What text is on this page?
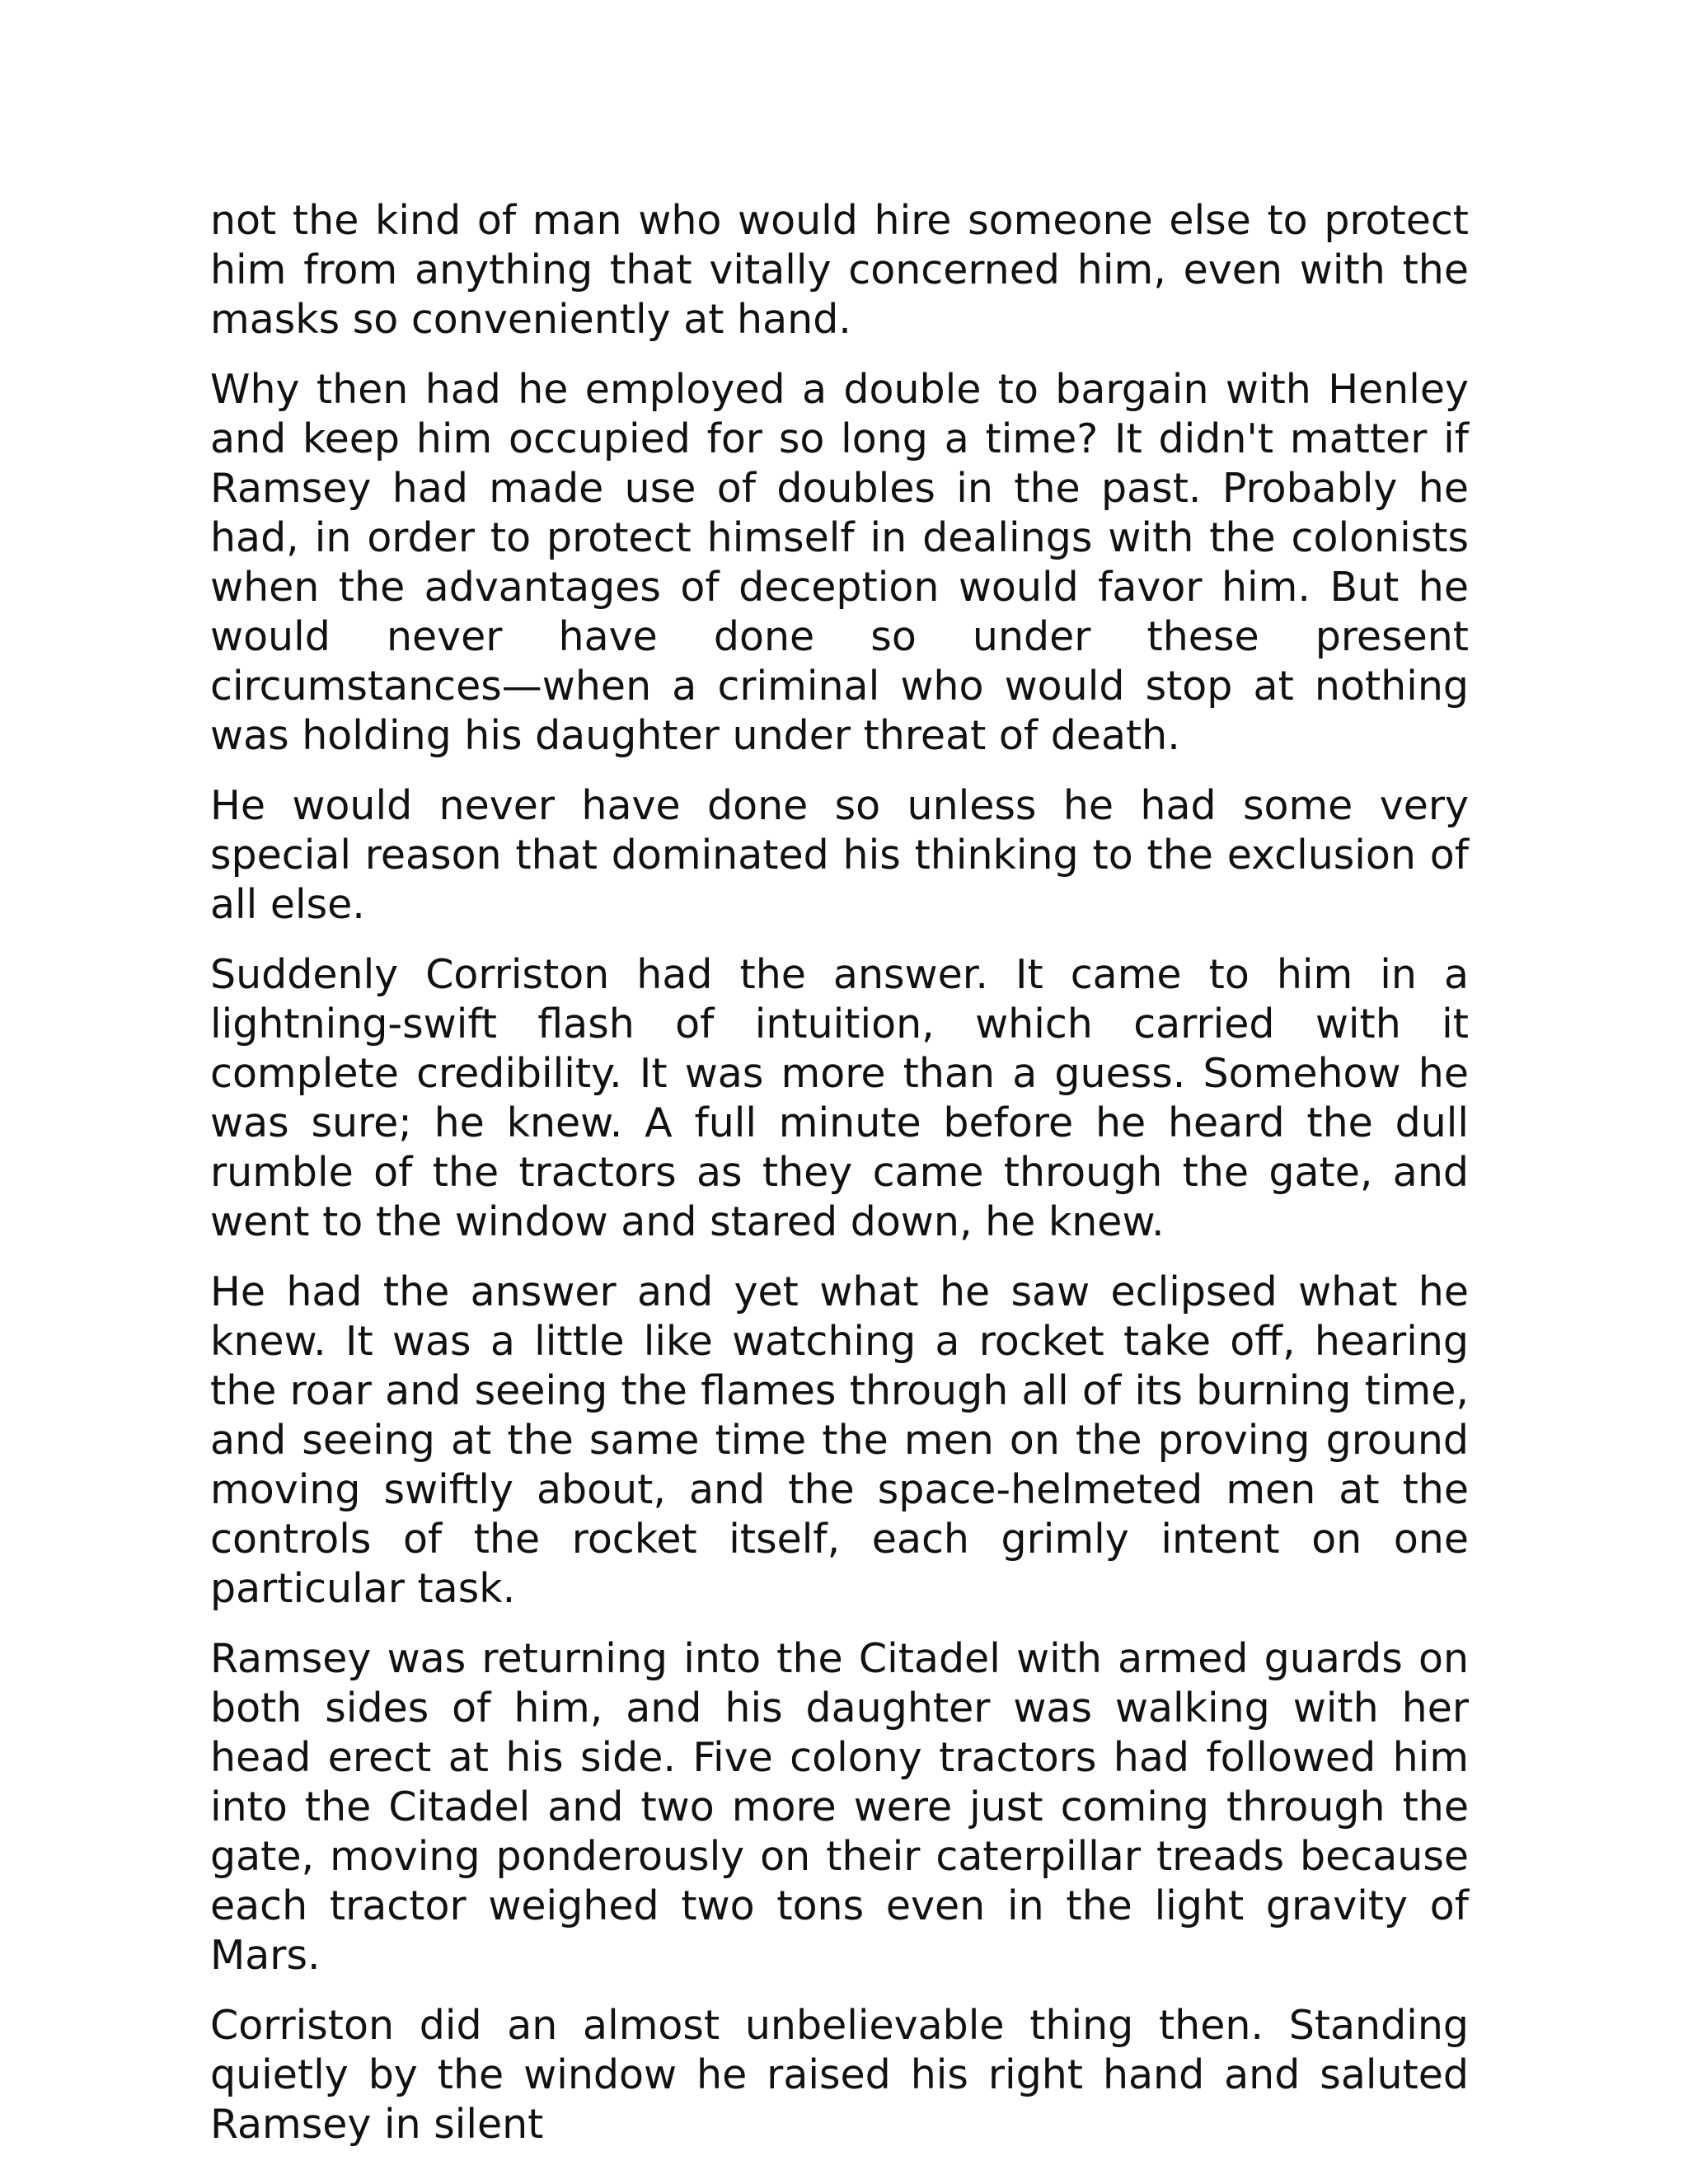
not the kind of man who would hire someone else to protect him from anything that vitally concerned him, even with the masks so conveniently at hand.

Why then had he employed a double to bargain with Henley and keep him occupied for so long a time? It didn't matter if Ramsey had made use of doubles in the past. Probably he had, in order to protect himself in dealings with the colonists when the advantages of deception would favor him. But he would never have done so under these present circumstances—when a criminal who would stop at nothing was holding his daughter under threat of death.

He would never have done so unless he had some very special reason that dominated his thinking to the exclusion of all else.

Suddenly Corriston had the answer. It came to him in a lightning-swift flash of intuition, which carried with it complete credibility. It was more than a guess. Somehow he was sure; he knew. A full minute before he heard the dull rumble of the tractors as they came through the gate, and went to the window and stared down, he knew.

He had the answer and yet what he saw eclipsed what he knew. It was a little like watching a rocket take off, hearing the roar and seeing the flames through all of its burning time, and seeing at the same time the men on the proving ground moving swiftly about, and the space-helmeted men at the controls of the rocket itself, each grimly intent on one particular task.

Ramsey was returning into the Citadel with armed guards on both sides of him, and his daughter was walking with her head erect at his side. Five colony tractors had followed him into the Citadel and two more were just coming through the gate, moving ponderously on their caterpillar treads because each tractor weighed two tons even in the light gravity of Mars.

Corriston did an almost unbelievable thing then. Standing quietly by the window he raised his right hand and saluted Ramsey in silent
